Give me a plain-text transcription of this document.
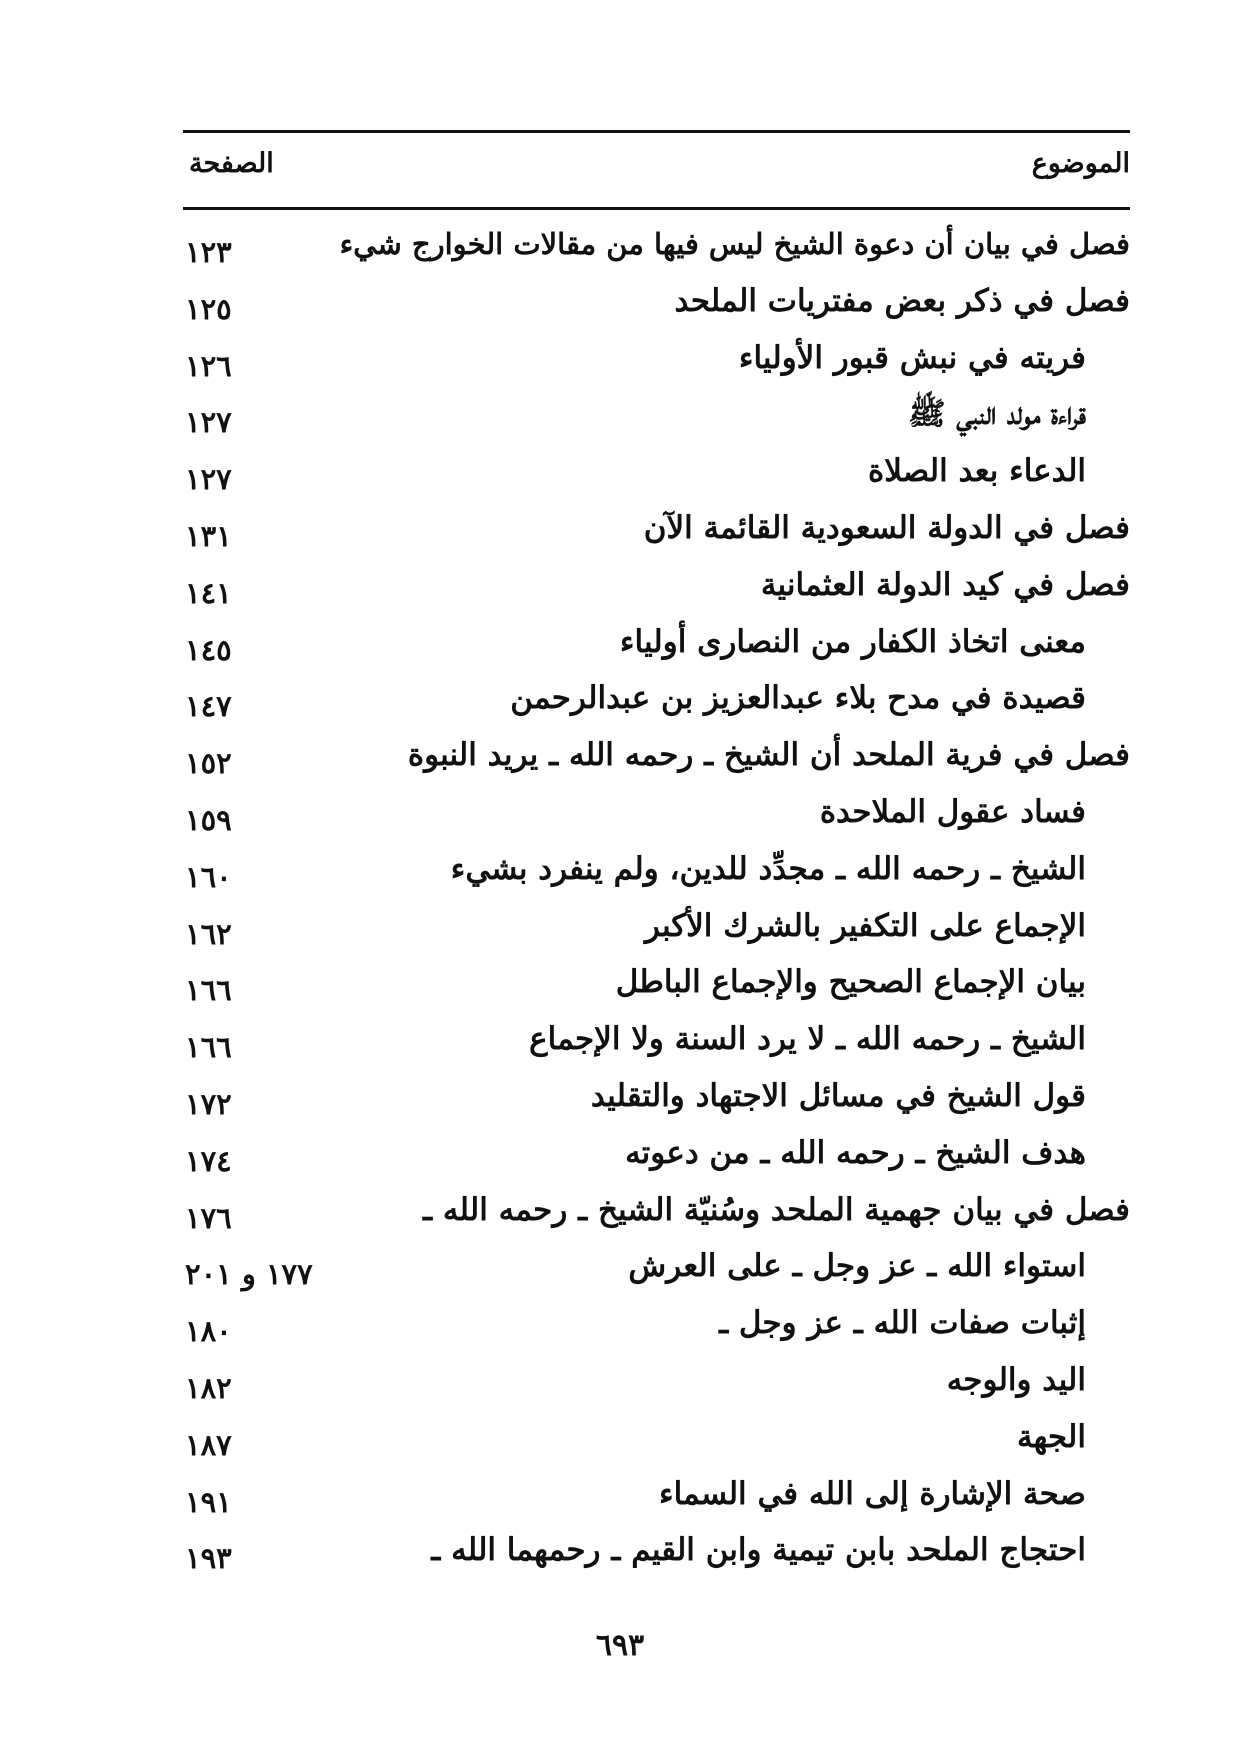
الموضوع
الصفحة
فصل في بيان أن دعوة الشيخ ليس فيها من مقالات الخوارج شيء
١٢٣
فصل في ذكر بعض مفتريات الملحد
١٢٥
فريته في نبش قبور الأولياء
١٢٦
قراءة مولد النبي ﷺ
١٢٧
الدعاء بعد الصلاة
١٢٧
فصل في الدولة السعودية القائمة الآن
١٣١
فصل في كيد الدولة العثمانية
١٤١
معنى اتخاذ الكفار من النصارى أولياء
١٤٥
قصيدة في مدح بلاء عبدالعزيز بن عبدالرحمن
١٤٧
فصل في فرية الملحد أن الشيخ ـ رحمه الله ـ يريد النبوة
١٥٢
فساد عقول الملاحدة
١٥٩
الشيخ ـ رحمه الله ـ مجدِّد للدين، ولم ينفرد بشيء
١٦٠
الإجماع على التكفير بالشرك الأكبر
١٦٢
بيان الإجماع الصحيح والإجماع الباطل
١٦٦
الشيخ ـ رحمه الله ـ لا يرد السنة ولا الإجماع
١٦٦
قول الشيخ في مسائل الاجتهاد والتقليد
١٧٢
هدف الشيخ ـ رحمه الله ـ من دعوته
١٧٤
فصل في بيان جهمية الملحد وسُنيّة الشيخ ـ رحمه الله ـ
١٧٦
استواء الله ـ عز وجل ـ على العرش
١٧٧ و ٢٠١
إثبات صفات الله ـ عز وجل ـ
١٨٠
اليد والوجه
١٨٢
الجهة
١٨٧
صحة الإشارة إلى الله في السماء
١٩١
احتجاج الملحد بابن تيمية وابن القيم ـ رحمهما الله ـ
١٩٣
٦٩٣
